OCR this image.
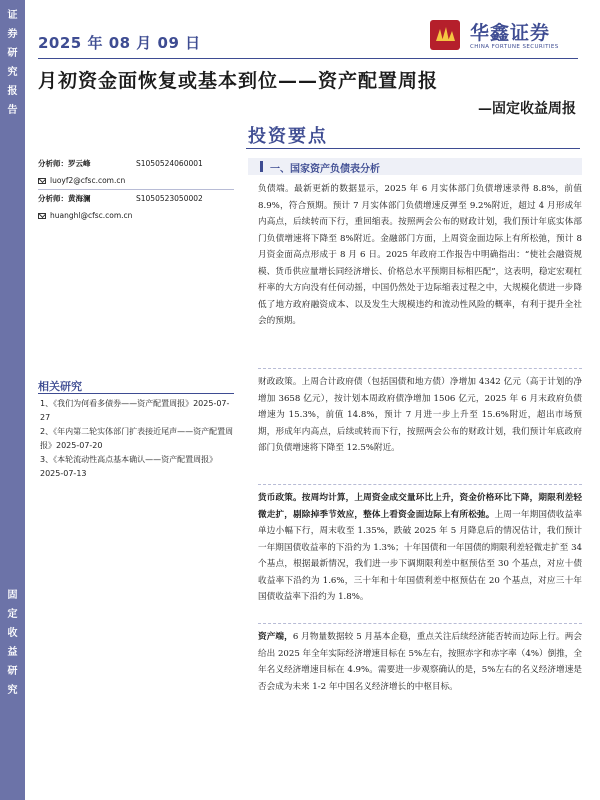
证
券
研
究
报
告
固
定
收
益
研
究
2025 年 08 月 09 日	华鑫证券
CHINA FORTUNE SECURITIES
月初资金面恢复或基本到位——资产配置周报
—固定收益周报
投资要点
分析师：罗云峰	S1050524060001
luoyf2@cfsc.com.cn
分析师：黄海澜	S1050523050002
huanghl@cfsc.com.cn
相关研究
1、《我们为何看多债券——资产配置周报》2025-07-27
2、《年内第二轮实体部门扩表接近尾声——资产配置周报》2025-07-20
3、《本轮流动性高点基本确认——资产配置周报》2025-07-13
一、国家资产负债表分析
负债端。最新更新的数据显示，2025 年 6 月实体部门负债增速录得 8.8%，前值 8.9%，符合预期。预计 7 月实体部门负债增速反弹至 9.2%附近，超过 4 月形成年内高点，后续转而下行，重回缩表。按照两会公布的财政计划，我们预计年底实体部门负债增速将下降至 8%附近。金融部门方面，上周资金面边际上有所松弛，预计 8 月资金面高点形成于 8 月 6 日。2025 年政府工作报告中明确指出：“使社会融资规模、货币供应量增长同经济增长、价格总水平预期目标相匹配”，这表明，稳定宏观杠杆率的大方向没有任何动摇，中国仍然处于边际缩表过程之中，大规模化债进一步降低了地方政府融资成本、以及发生大规模违约和流动性风险的概率，有利于提升全社会的预期。
财政政策。上周合计政府债（包括国债和地方债）净增加 4342 亿元（高于计划的净增加 3658 亿元），按计划本周政府债净增加 1506 亿元，2025 年 6 月末政府负债增速为 15.3%，前值 14.8%，预计 7 月进一步上升至 15.6%附近，超出市场预期，形成年内高点，后续或转而下行，按照两会公布的财政计划，我们预计年底政府部门负债增速将下降至 12.5%附近。
货币政策。按周均计算，上周资金成交量环比上升，资金价格环比下降，期限利差轻微走扩，剔除掉季节效应，整体上看资金面边际上有所松弛。上周一年期国债收益率单边小幅下行，周末收至 1.35%，跌破 2025 年 5 月降息后的情况估计，我们预计一年期国债收益率的下沿约为 1.3%；十年国债和一年国债的期限利差轻微走扩至 34 个基点，根据最新情况，我们进一步下调期限利差中枢预估至 30 个基点，对应十债收益率下沿约为 1.6%，三十年和十年国债利差中枢预估在 20 个基点，对应三十年国债收益率下沿约为 1.8%。
资产端，6 月物量数据较 5 月基本企稳，重点关注后续经济能否转而边际上行。两会给出 2025 年全年实际经济增速目标在 5%左右，按照赤字和赤字率（4%）倒推，全年名义经济增速目标在 4.9%。需要进一步观察确认的是，5%左右的名义经济增速是否会成为未来 1-2 年中国名义经济增长的中枢目标。
